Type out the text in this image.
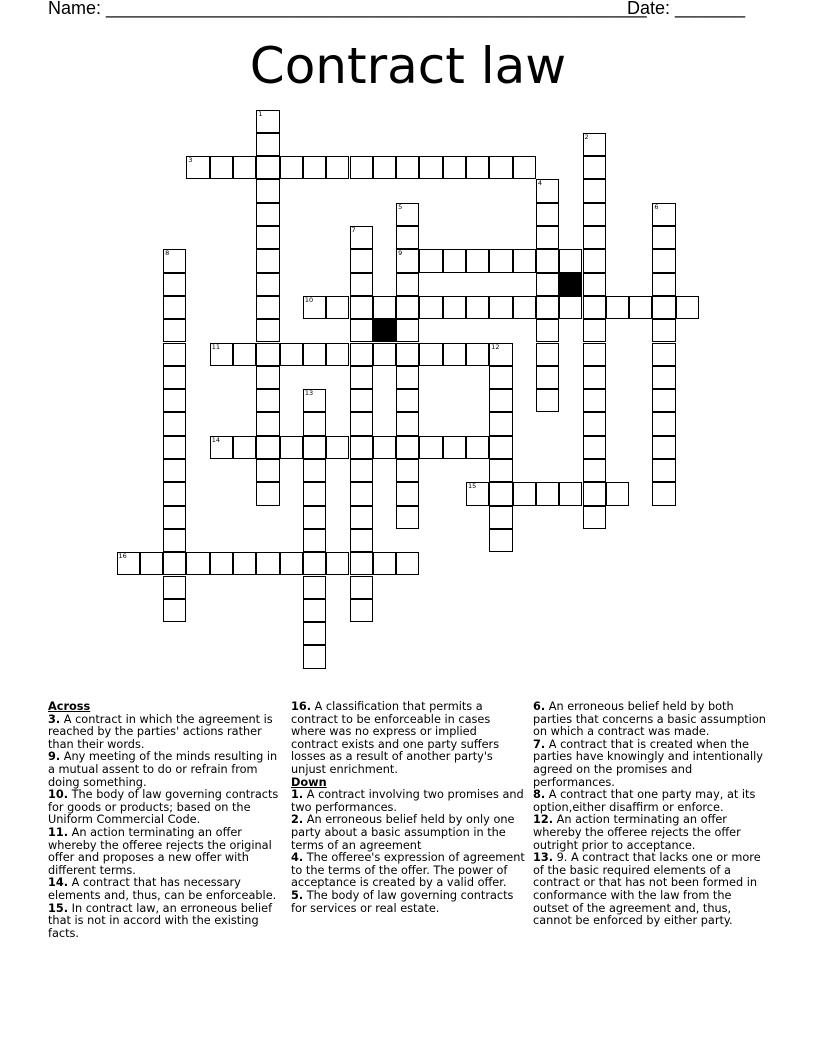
Name: ______________________________________________________
Date: _______
Contract law
3
9
10
11
14
15
16
1
2
4
5	6
7
8
12
13
Across

3. A contract in which the agreement is reached by the parties' actions rather than their words.

9. Any meeting of the minds resulting in a mutual assent to do or refrain from doing something.

10. The body of law governing contracts for goods or products; based on the Uniform Commercial Code.

11. An action terminating an offer whereby the offeree rejects the original offer and proposes a new offer with different terms.

14. A contract that has necessary elements and, thus, can be enforceable.

15. In contract law, an erroneous belief that is not in accord with the existing facts.

16. A classification that permits a contract to be enforceable in cases where was no express or implied contract exists and one party suffers losses as a result of another party's unjust enrichment.

Down

1. A contract involving two promises and two performances.

2. An erroneous belief held by only one party about a basic assumption in the terms of an agreement

4. The offeree's expression of agreement to the terms of the offer. The power of acceptance is created by a valid offer.

5. The body of law governing contracts for services or real estate.

6. An erroneous belief held by both parties that concerns a basic assumption on which a contract was made.

7. A contract that is created when the parties have knowingly and intentionally agreed on the promises and performances.

8. A contract that one party may, at its option,either disaffirm or enforce.

12. An action terminating an offer whereby the offeree rejects the offer outright prior to acceptance.

13. 9. A contract that lacks one or more of the basic required elements of a contract or that has not been formed in conformance with the law from the outset of the agreement and, thus, cannot be enforced by either party.
